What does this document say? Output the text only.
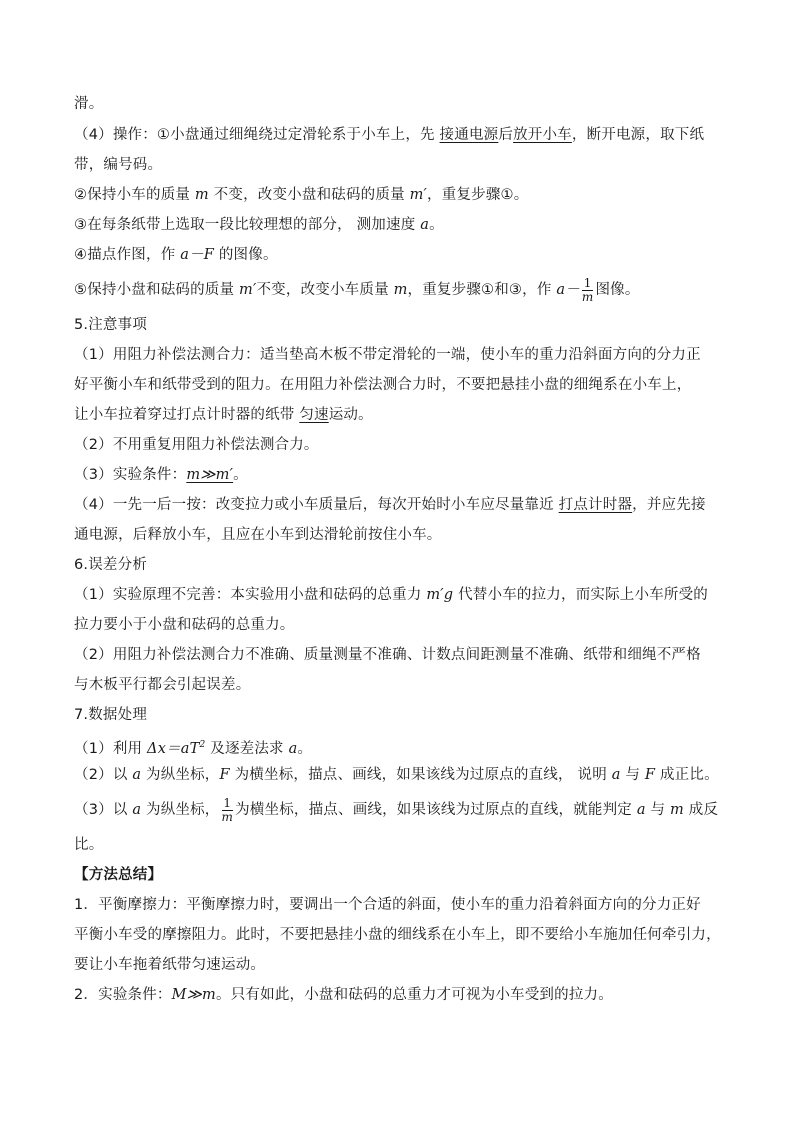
滑。
（4）操作：①小盘通过细绳绕过定滑轮系于小车上，先 接通电源后放开小车，断开电源，取下纸
带，编号码。
②保持小车的质量 m 不变，改变小盘和砝码的质量 m′，重复步骤①。
③在每条纸带上选取一段比较理想的部分， 测加速度 a。
④描点作图，作 a－F 的图像。
⑤保持小盘和砝码的质量 m′不变，改变小车质量 m，重复步骤①和③，作 $a- \frac{1}{m}$ 图像。
5.注意事项
（1）用阻力补偿法测合力：适当垫高木板不带定滑轮的一端，使小车的重力沿斜面方向的分力正
好平衡小车和纸带受到的阻力。在用阻力补偿法测合力时，不要把悬挂小盘的细绳系在小车上，
让小车拉着穿过打点计时器的纸带 匀速运动。
（2）不用重复用阻力补偿法测合力。
（3）实验条件：m≫m′。
（4）一先一后一按：改变拉力或小车质量后，每次开始时小车应尽量靠近 打点计时器，并应先接
通电源，后释放小车，且应在小车到达滑轮前按住小车。
6.误差分析
（1）实验原理不完善：本实验用小盘和砝码的总重力 m′g 代替小车的拉力，而实际上小车所受的
拉力要小于小盘和砝码的总重力。
（2）用阻力补偿法测合力不准确、质量测量不准确、计数点间距测量不准确、纸带和细绳不严格
与木板平行都会引起误差。
7.数据处理
（1）利用 $\Delta x=aT^2$ 及逐差法求 a。
（2）以 a 为纵坐标，F 为横坐标，描点、画线，如果该线为过原点的直线， 说明 a 与 F 成正比。
（3）以 a 为纵坐标， $\frac{1}{m}$ 为横坐标，描点、画线，如果该线为过原点的直线，就能判定 a 与 m 成反
比。
【方法总结】
1．平衡摩擦力：平衡摩擦力时，要调出一个合适的斜面，使小车的重力沿着斜面方向的分力正好
平衡小车受的摩擦阻力。此时，不要把悬挂小盘的细线系在小车上，即不要给小车施加任何牵引力，
要让小车拖着纸带匀速运动。
2．实验条件：M≫m。只有如此，小盘和砝码的总重力才可视为小车受到的拉力。
